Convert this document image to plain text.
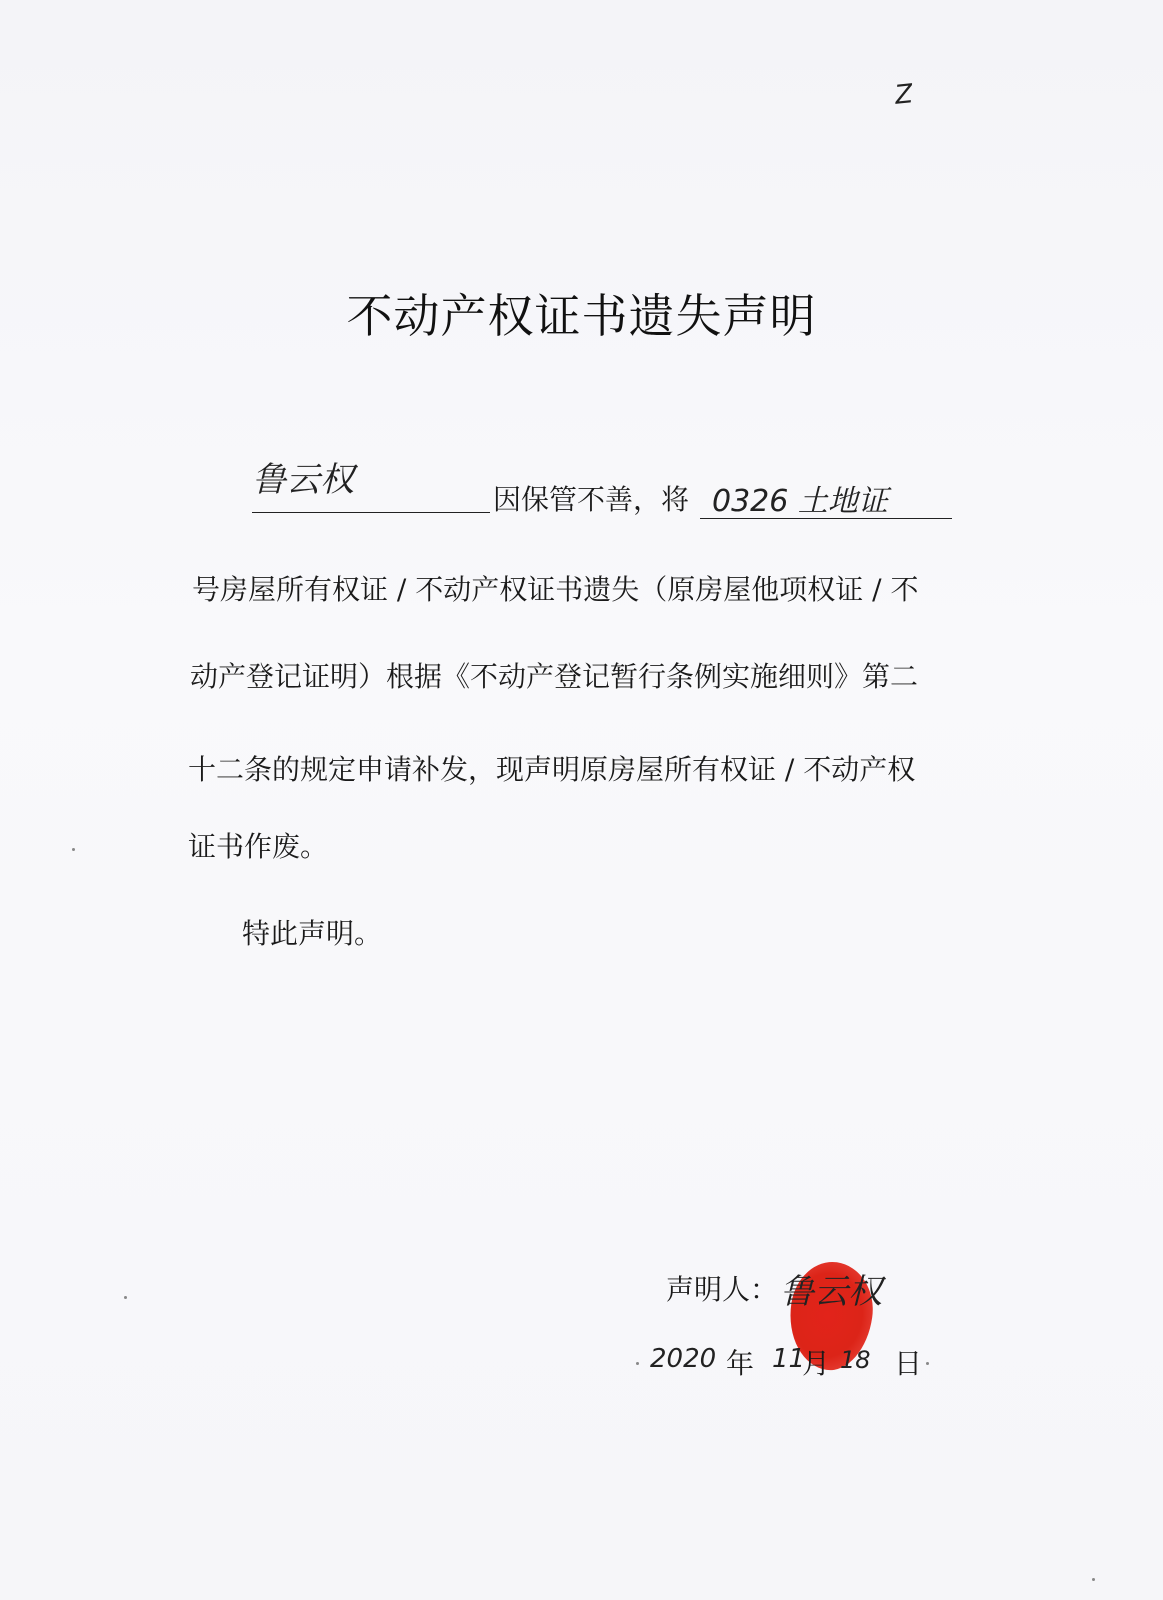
Z
不动产权证书遗失声明
鲁云权	因保管不善，将 0326 土地证
号房屋所有权证 / 不动产权证书遗失（原房屋他项权证 / 不
动产登记证明）根据《不动产登记暂行条例实施细则》第二
十二条的规定申请补发，现声明原房屋所有权证 / 不动产权
证书作废。
特此声明。
声明人： 鲁云权
2020 年 11
月 18 日
